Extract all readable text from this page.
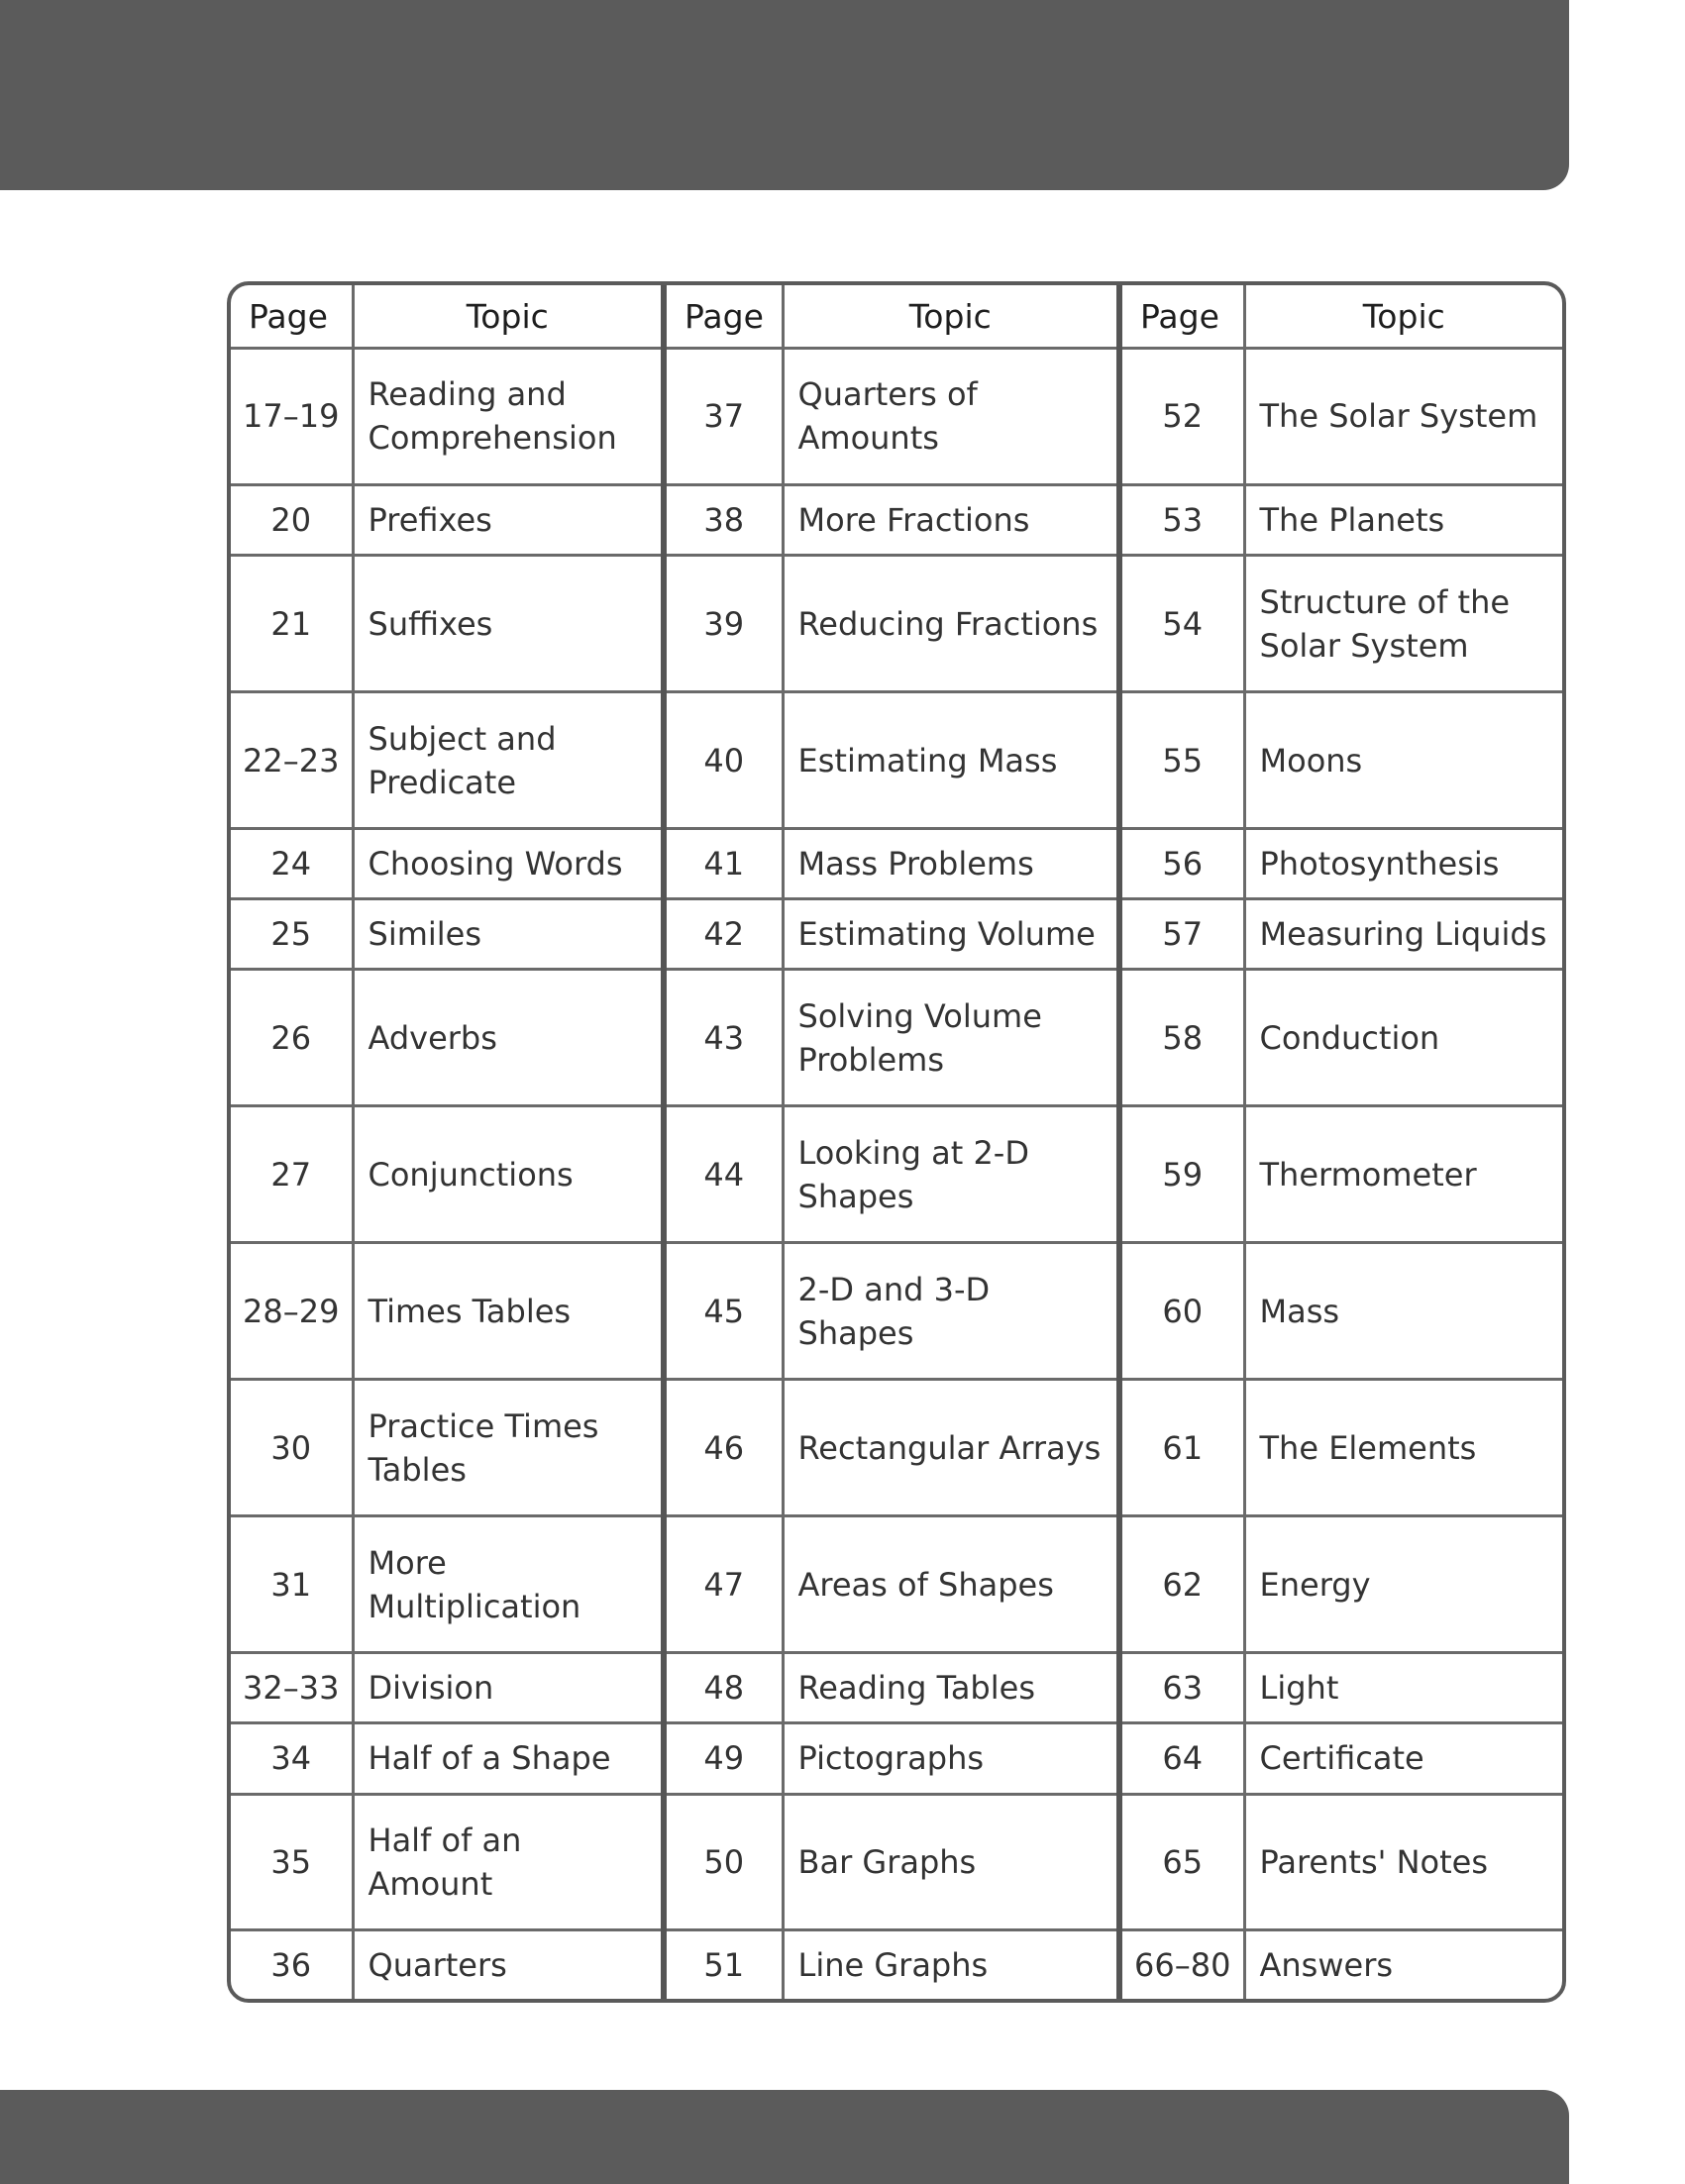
Page	Topic	Page	Topic	Page	Topic
17–19	Reading and Comprehension	37	Quarters of Amounts	52	The Solar System
20	Prefixes	38	More Fractions	53	The Planets
21	Suffixes	39	Reducing Fractions	54	Structure of the Solar System
22–23	Subject and Predicate	40	Estimating Mass	55	Moons
24	Choosing Words	41	Mass Problems	56	Photosynthesis
25	Similes	42	Estimating Volume	57	Measuring Liquids
26	Adverbs	43	Solving Volume Problems	58	Conduction
27	Conjunctions	44	Looking at 2-D Shapes	59	Thermometer
28–29	Times Tables	45	2-D and 3-D Shapes	60	Mass
30	Practice Times Tables	46	Rectangular Arrays	61	The Elements
31	More Multiplication	47	Areas of Shapes	62	Energy
32–33	Division	48	Reading Tables	63	Light
34	Half of a Shape	49	Pictographs	64	Certificate
35	Half of an Amount	50	Bar Graphs	65	Parents' Notes
36	Quarters	51	Line Graphs	66–80	Answers
